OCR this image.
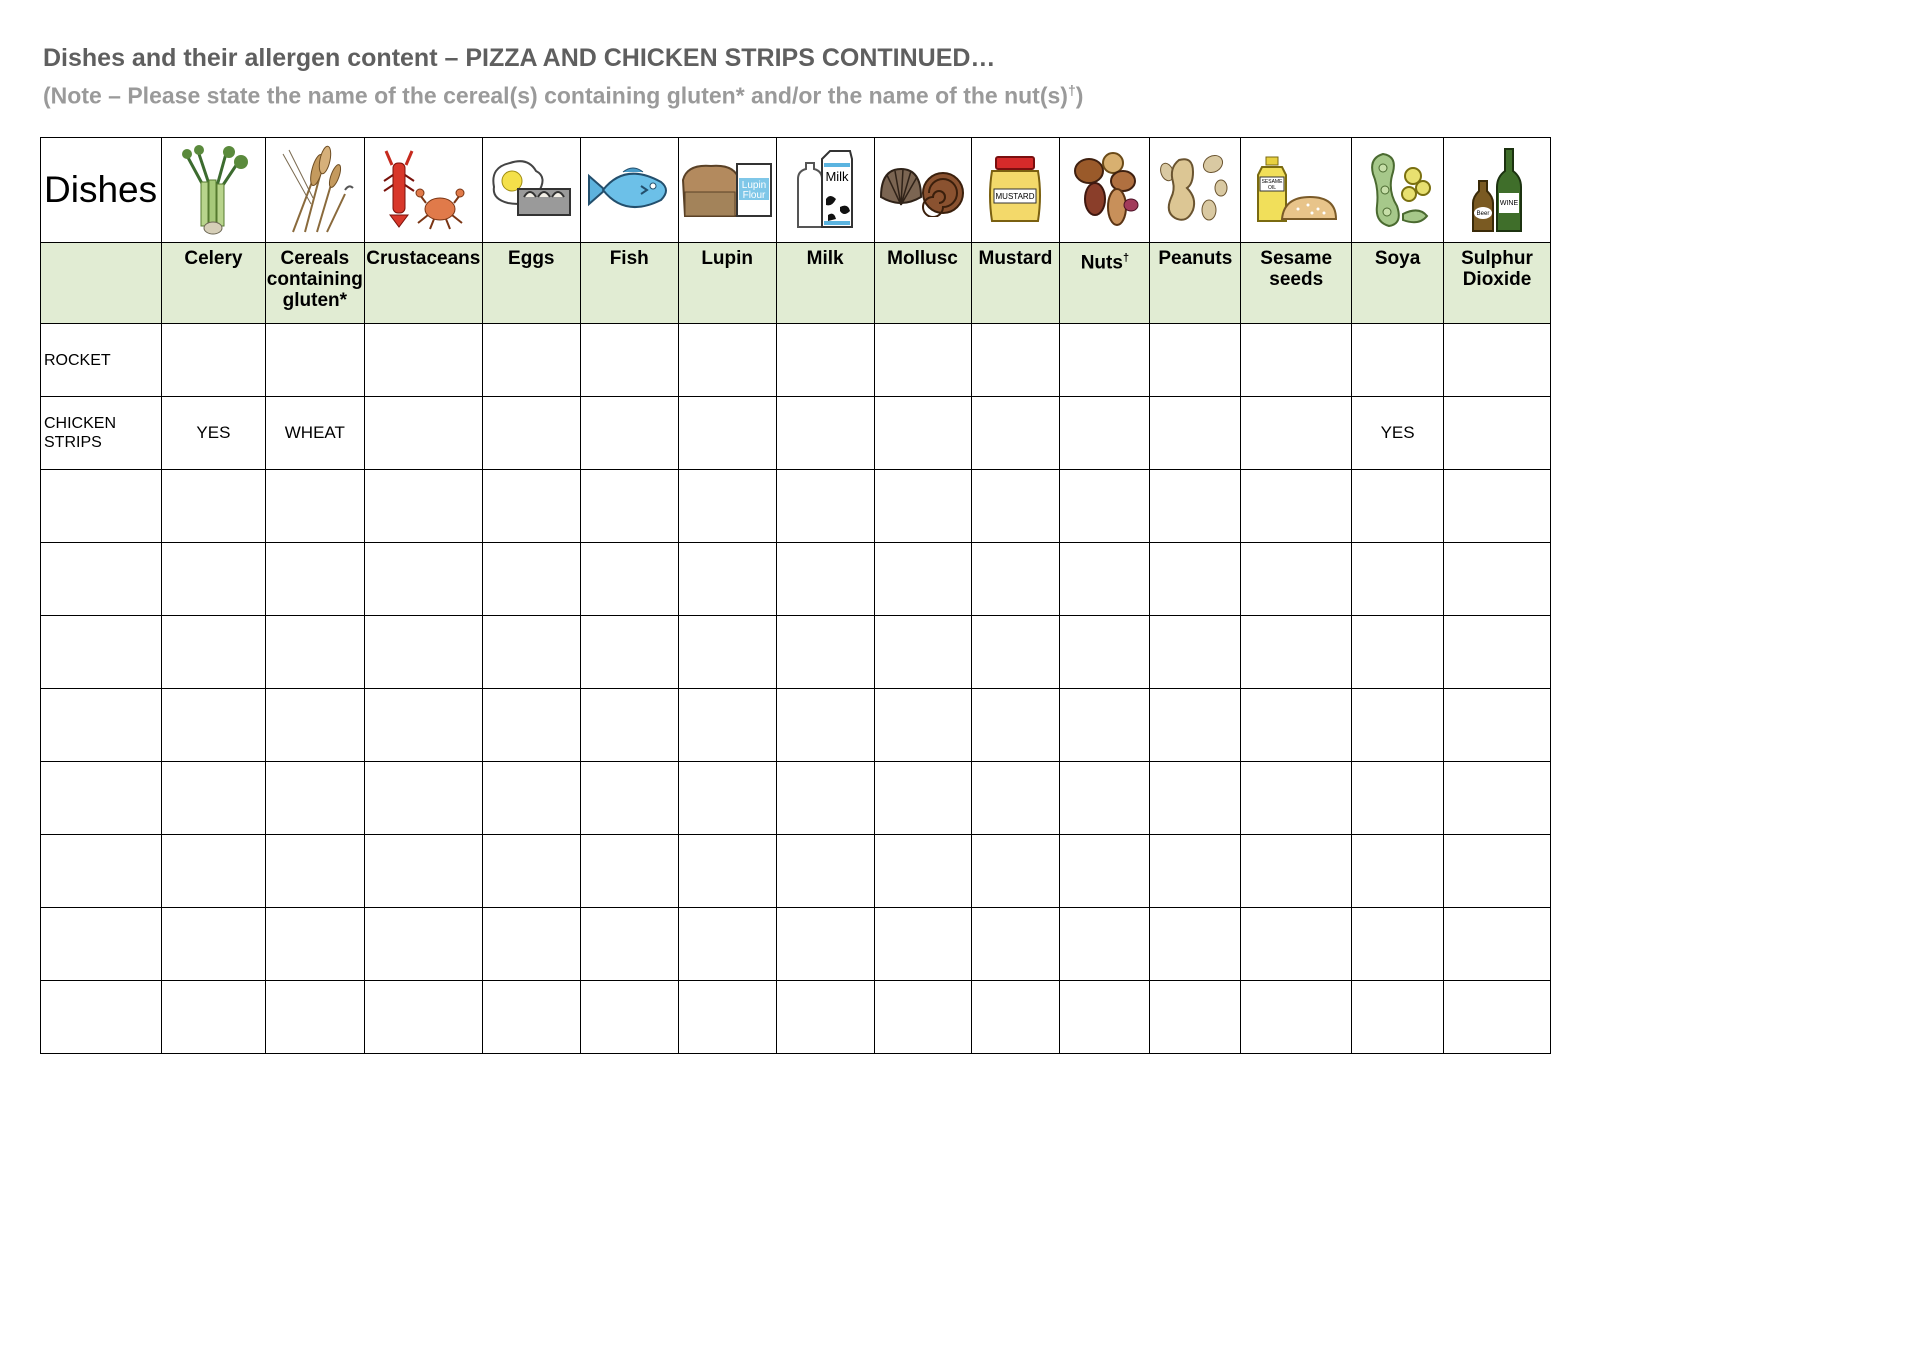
Dishes and their allergen content – PIZZA AND CHICKEN STRIPS CONTINUED…
(Note – Please state the name of the cereal(s) containing gluten* and/or the name of the nut(s)†)
Dishes						Lupin
Flour	Milk		MUSTARD			SESAME
OIL		WINE
Beer

	Celery	Cereals containing gluten*	Crustaceans	Eggs	Fish	Lupin	Milk	Mollusc	Mustard	Nuts†	Peanuts	Sesame seeds	Soya	Sulphur Dioxide
ROCKET														
CHICKEN STRIPS	YES	WHEAT											YES	
